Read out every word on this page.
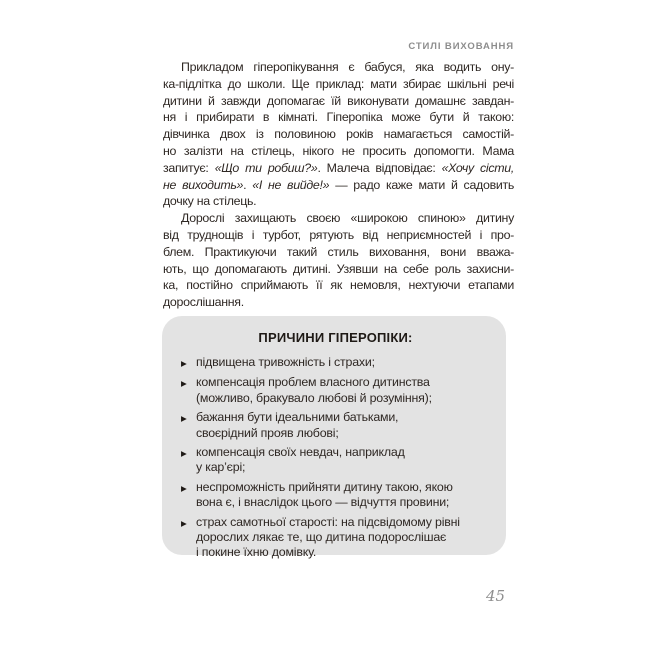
СТИЛІ ВИХОВАННЯ
Прикладом гіперопікування є бабуся, яка водить ону-
ка-підлітка до школи. Ще приклад: мати збирає шкільні речі
дитини й завжди допомагає їй виконувати домашнє завдан-
ня і прибирати в кімнаті. Гіперопіка може бути й такою:
дівчинка двох із половиною років намагається самостій-
но залізти на стілець, нікого не просить допомогти. Мама
запитує: «Що ти робиш?». Малеча відповідає: «Хочу сісти,
не виходить». «І не вийде!» — радо каже мати й садовить
дочку на стілець.
Дорослі захищають своєю «широкою спиною» дитину
від труднощів і турбот, рятують від неприємностей і про-
блем. Практикуючи такий стиль виховання, вони вважа-
ють, що допомагають дитині. Узявши на себе роль захисни-
ка, постійно сприймають її як немовля, нехтуючи етапами
дорослішання.
ПРИЧИНИ ГІПЕРОПІКИ:
▶ підвищена тривожність і страхи;
▶ компенсація проблем власного дитинства
(можливо, бракувало любові й розуміння);
▶ бажання бути ідеальними батьками,
своєрідний прояв любові;
▶ компенсація своїх невдач, наприклад
у кар’єрі;
▶ неспроможність прийняти дитину такою, якою
вона є, і внаслідок цього — відчуття провини;
▶ страх самотньої старості: на підсвідомому рівні
дорослих лякає те, що дитина подорослішає
і покине їхню домівку.
45
